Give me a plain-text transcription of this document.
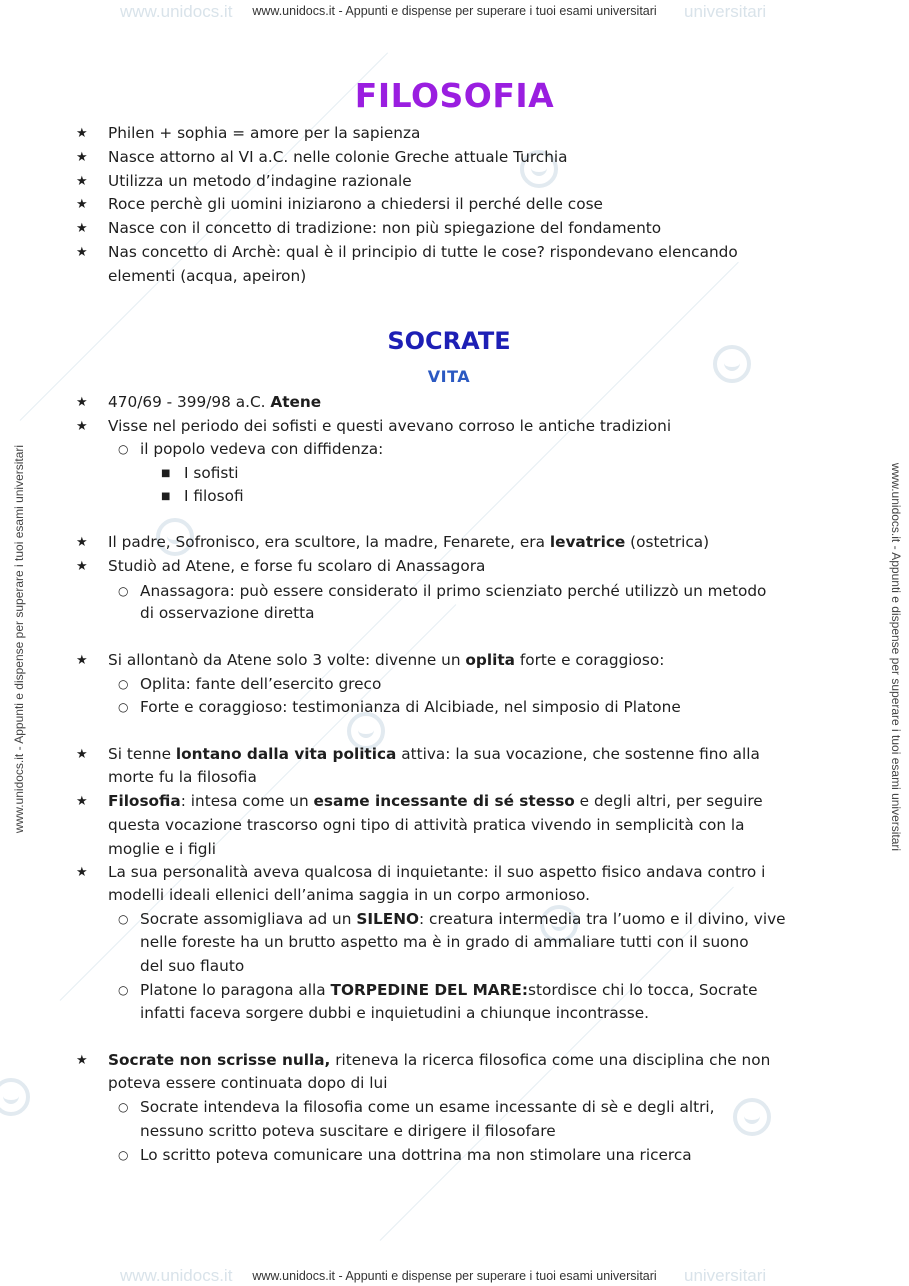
www.unidocs.it	universitari
www.unidocs.it	universitari
www.unidocs.it - Appunti e dispense per superare i tuoi esami universitari
www.unidocs.it - Appunti e dispense per superare i tuoi esami universitari
www.unidocs.it - Appunti e dispense per superare i tuoi esami universitari	www.unidocs.it - Appunti e dispense per superare i tuoi esami universitari
FILOSOFIA
★ Philen + sophia = amore per la sapienza
★ Nasce attorno al VI a.C. nelle colonie Greche attuale Turchia
★ Utilizza un metodo d’indagine razionale
★ Roce perchè gli uomini iniziarono a chiedersi il perché delle cose
★ Nasce con il concetto di tradizione: non più spiegazione del fondamento
★ Nas concetto di Archè: qual è il principio di tutte le cose? rispondevano elencando
elementi (acqua, apeiron)
SOCRATE
VITA
★ 470/69 - 399/98 a.C. Atene
★ Visse nel periodo dei sofisti e questi avevano corroso le antiche tradizioni
○ il popolo vedeva con diffidenza:
■ I sofisti
■ I filosofi
★ Il padre, Sofronisco, era scultore, la madre, Fenarete, era levatrice (ostetrica)
★ Studiò ad Atene, e forse fu scolaro di Anassagora
○ Anassagora: può essere considerato il primo scienziato perché utilizzò un metodo
di osservazione diretta
★ Si allontanò da Atene solo 3 volte: divenne un oplita forte e coraggioso:
○ Oplita: fante dell’esercito greco
○ Forte e coraggioso: testimonianza di Alcibiade, nel simposio di Platone
★ Si tenne lontano dalla vita politica attiva: la sua vocazione, che sostenne fino alla
morte fu la filosofia
★ Filosofia: intesa come un esame incessante di sé stesso e degli altri, per seguire
questa vocazione trascorso ogni tipo di attività pratica vivendo in semplicità con la
moglie e i figli
★ La sua personalità aveva qualcosa di inquietante: il suo aspetto fisico andava contro i
modelli ideali ellenici dell’anima saggia in un corpo armonioso.
○ Socrate assomigliava ad un SILENO: creatura intermedia tra l’uomo e il divino, vive
nelle foreste ha un brutto aspetto ma è in grado di ammaliare tutti con il suono
del suo flauto
○ Platone lo paragona alla TORPEDINE DEL MARE:stordisce chi lo tocca, Socrate
infatti faceva sorgere dubbi e inquietudini a chiunque incontrasse.
★ Socrate non scrisse nulla, riteneva la ricerca filosofica come una disciplina che non
poteva essere continuata dopo di lui
○ Socrate intendeva la filosofia come un esame incessante di sè e degli altri,
nessuno scritto poteva suscitare e dirigere il filosofare
○ Lo scritto poteva comunicare una dottrina ma non stimolare una ricerca
